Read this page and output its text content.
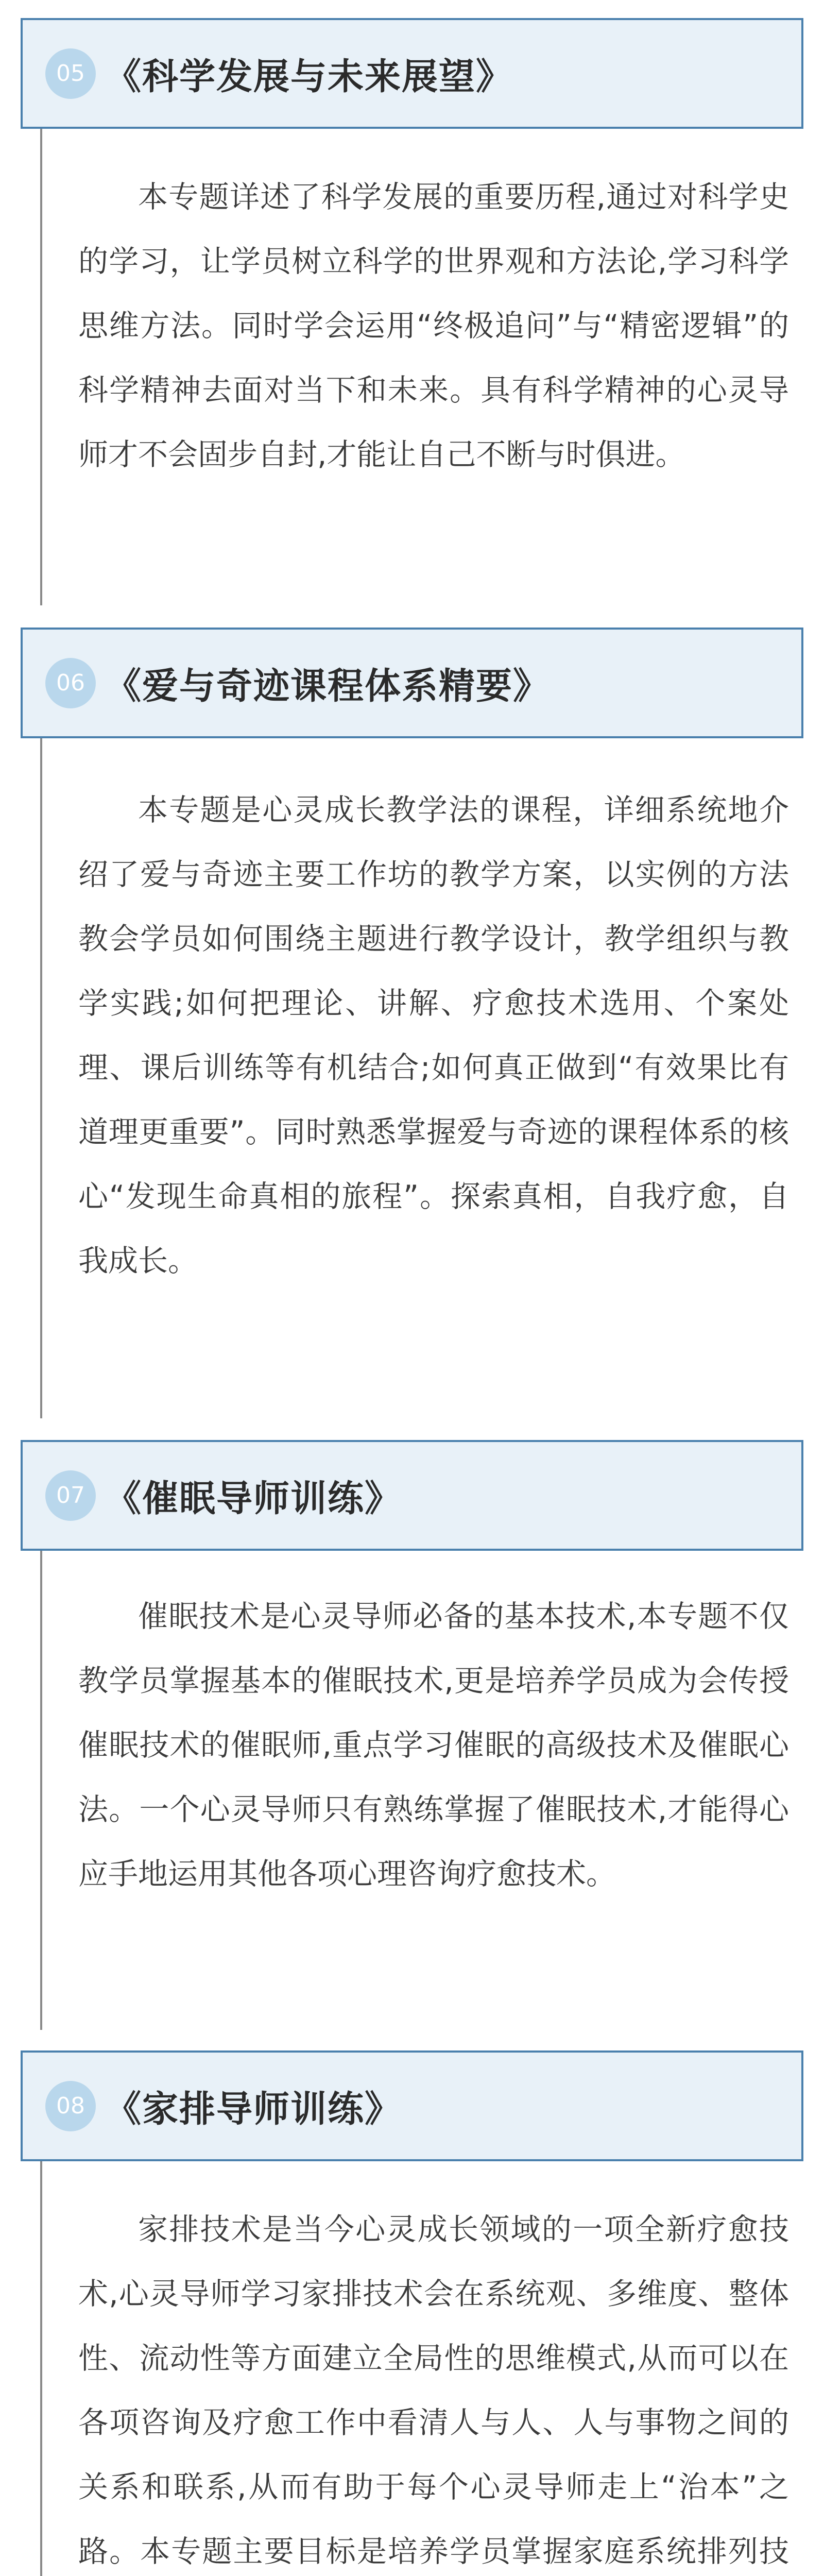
05 《科学发展与未来展望》

本专题详述了科学发展的重要历程,通过对科学史的学习，让学员树立科学的世界观和方法论,学习科学思维方法。同时学会运用“终极追问”与“精密逻辑”的科学精神去面对当下和未来。具有科学精神的心灵导师才不会固步自封,才能让自己不断与时俱进。

06 《爱与奇迹课程体系精要》

本专题是心灵成长教学法的课程，详细系统地介绍了爱与奇迹主要工作坊的教学方案，以实例的方法教会学员如何围绕主题进行教学设计，教学组织与教学实践;如何把理论、讲解、疗愈技术选用、个案处理、课后训练等有机结合;如何真正做到“有效果比有道理更重要”。同时熟悉掌握爱与奇迹的课程体系的核心“发现生命真相的旅程”。探索真相，自我疗愈，自我成长。

07 《催眠导师训练》

催眠技术是心灵导师必备的基本技术,本专题不仅教学员掌握基本的催眠技术,更是培养学员成为会传授催眠技术的催眠师,重点学习催眠的高级技术及催眠心法。一个心灵导师只有熟练掌握了催眠技术,才能得心应手地运用其他各项心理咨询疗愈技术。

08 《家排导师训练》

家排技术是当今心灵成长领域的一项全新疗愈技术,心灵导师学习家排技术会在系统观、多维度、整体性、流动性等方面建立全局性的思维模式,从而可以在各项咨询及疗愈工作中看清人与人、人与事物之间的关系和联系,从而有助于每个心灵导师走上“治本”之路。本专题主要目标是培养学员掌握家庭系统排列技
